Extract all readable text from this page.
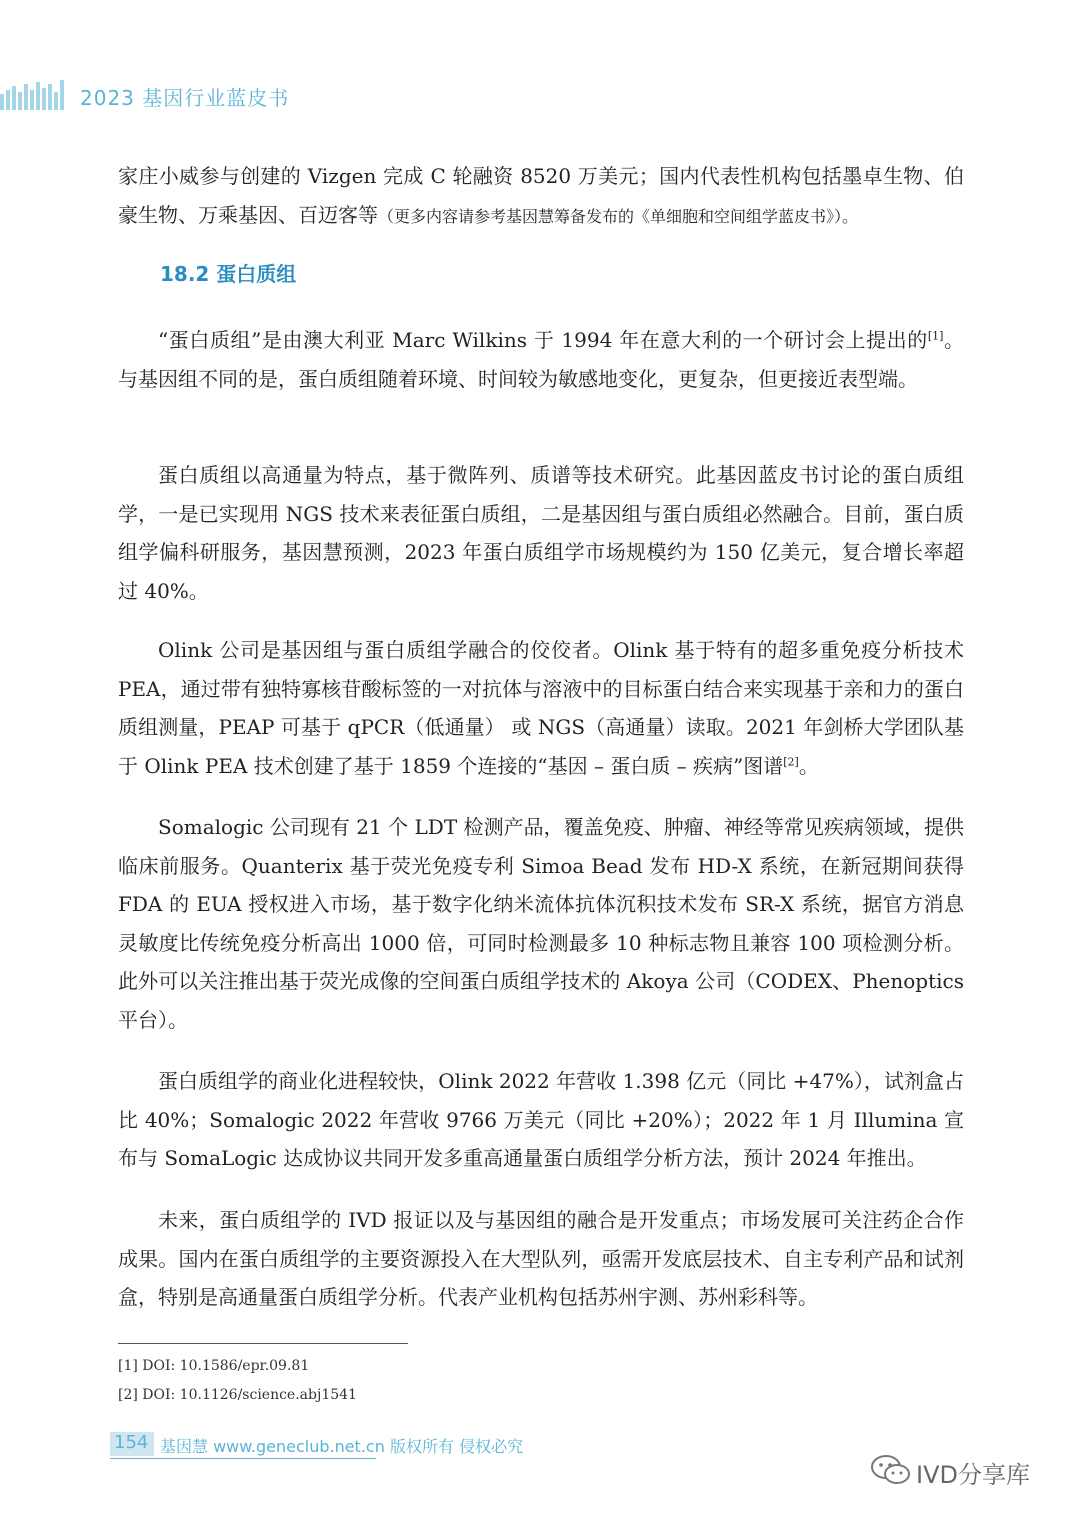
2023 基因行业蓝皮书

家庄小威参与创建的 Vizgen 完成 C 轮融资 8520 万美元；国内代表性机构包括墨卓生物、伯豪生物、万乘基因、百迈客等（更多内容请参考基因慧筹备发布的《单细胞和空间组学蓝皮书》）。

18.2 蛋白质组

“蛋白质组”是由澳大利亚 Marc Wilkins 于 1994 年在意大利的一个研讨会上提出的[1]。与基因组不同的是，蛋白质组随着环境、时间较为敏感地变化，更复杂，但更接近表型端。

蛋白质组以高通量为特点，基于微阵列、质谱等技术研究。此基因蓝皮书讨论的蛋白质组学，一是已实现用 NGS 技术来表征蛋白质组，二是基因组与蛋白质组必然融合。目前，蛋白质组学偏科研服务，基因慧预测，2023 年蛋白质组学市场规模约为 150 亿美元，复合增长率超过 40%。

Olink 公司是基因组与蛋白质组学融合的佼佼者。Olink 基于特有的超多重免疫分析技术 PEA，通过带有独特寡核苷酸标签的一对抗体与溶液中的目标蛋白结合来实现基于亲和力的蛋白质组测量，PEAP 可基于 qPCR（低通量） 或 NGS（高通量）读取。2021 年剑桥大学团队基于 Olink PEA 技术创建了基于 1859 个连接的“基因 – 蛋白质 – 疾病”图谱[2]。

Somalogic 公司现有 21 个 LDT 检测产品，覆盖免疫、肿瘤、神经等常见疾病领域，提供临床前服务。Quanterix 基于荧光免疫专利 Simoa Bead 发布 HD-X 系统，在新冠期间获得 FDA 的 EUA 授权进入市场，基于数字化纳米流体抗体沉积技术发布 SR-X 系统，据官方消息灵敏度比传统免疫分析高出 1000 倍，可同时检测最多 10 种标志物且兼容 100 项检测分析。此外可以关注推出基于荧光成像的空间蛋白质组学技术的 Akoya 公司（CODEX、Phenoptics 平台）。

蛋白质组学的商业化进程较快，Olink 2022 年营收 1.398 亿元（同比 +47%），试剂盒占比 40%；Somalogic 2022 年营收 9766 万美元（同比 +20%）；2022 年 1 月 Illumina 宣布与 SomaLogic 达成协议共同开发多重高通量蛋白质组学分析方法，预计 2024 年推出。

未来，蛋白质组学的 IVD 报证以及与基因组的融合是开发重点；市场发展可关注药企合作成果。国内在蛋白质组学的主要资源投入在大型队列，亟需开发底层技术、自主专利产品和试剂盒，特别是高通量蛋白质组学分析。代表产业机构包括苏州宇测、苏州彩科等。

[1] DOI: 10.1586/epr.09.81
[2] DOI: 10.1126/science.abj1541
154 基因慧 www.geneclub.net.cn 版权所有 侵权必究
IVD分享库
